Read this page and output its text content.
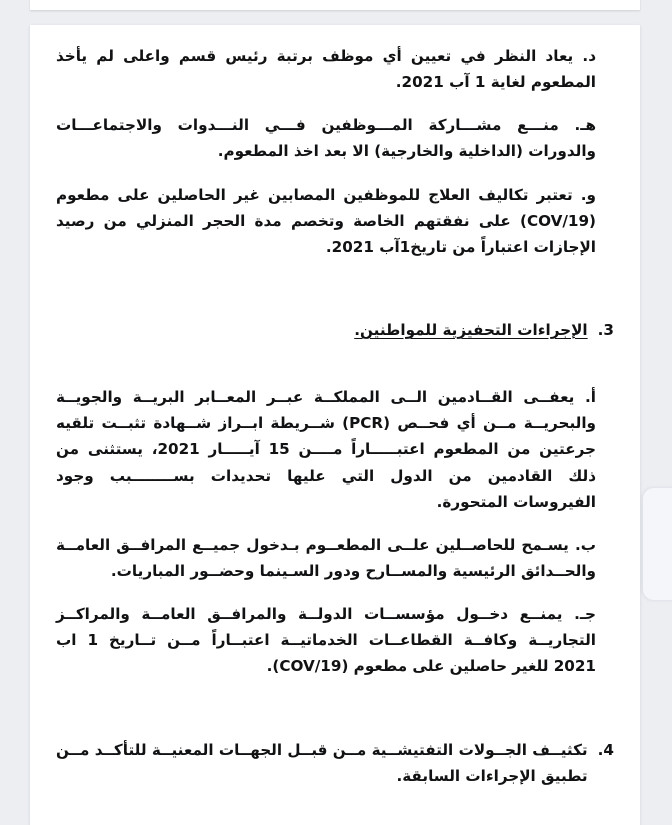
د. يعاد النظر في تعيين أي موظف برتبة رئيس قسم واعلى لم يأخذ المطعوم لغاية 1 آب 2021.

هـ. منـــع مشـــاركة المـــوظفين فـــي النـــدوات والاجتماعـــات والدورات (الداخلية والخارجية) الا بعد اخذ المطعوم.

و. تعتبر تكاليف العلاج للموظفين المصابين غير الحاصلين على مطعوم (COV/19) على نفقتهم الخاصة وتخصم مدة الحجر المنزلي من رصيد الإجازات اعتباراً من تاريخ1آب 2021.

3.
الإجراءات التحفيزية للمواطنين.

أ. يعفــى القــادمين الــى المملكــة عبــر المعــابر البريــة والجويــة والبحريــة مــن أي فحــص (PCR) شــريطة ابــراز شــهادة تثبــت تلقيه جرعتين من المطعوم اعتبـــــاراً مــــن 15 آيـــــار 2021، يستثنى من ذلك القادمين من الدول التي عليها تحديدات بســــــــبب وجود الفيروسات المتحورة.

ب. يسـمح للحاصــلين علــى المطعــوم بـدخول جميــع المرافــق العامــة والحــدائق الرئيسية والمســارح ودور السـينما وحضــور المباريات.

جـ. يمنــع دخــول مؤسســات الدولــة والمرافــق العامــة والمراكــز التجاريــة وكافــة القطاعــات الخدماتيــة اعتبــاراً مــن تــاريخ 1 اب 2021 للغير حاصلين على مطعوم (COV/19).

4.
تكثيــف الجــولات التفتيشــية مــن قبــل الجهــات المعنيــة للتأكــد مــن تطبيق الإجراءات السابقة.
